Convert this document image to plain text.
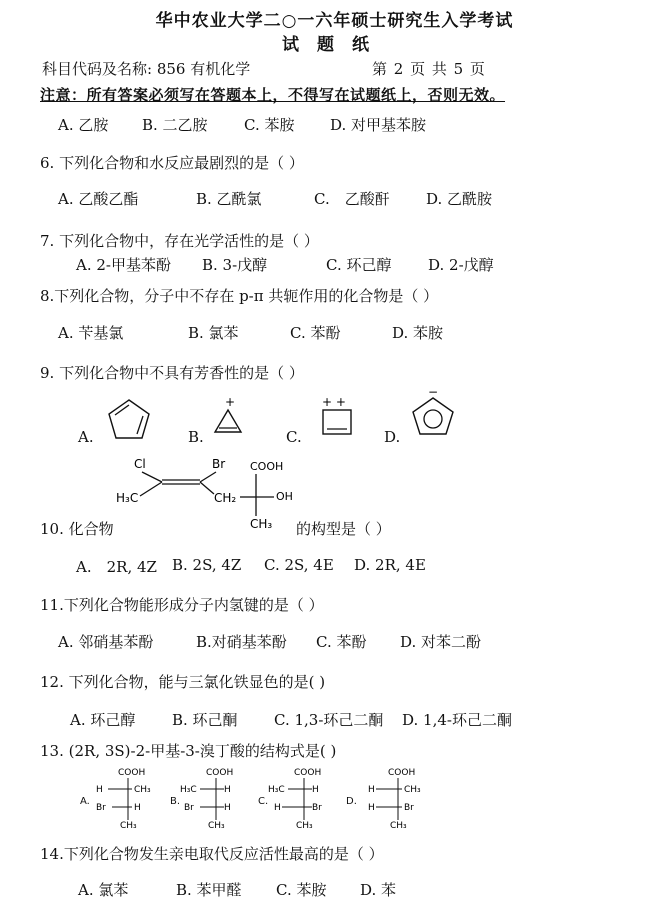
华中农业大学二○一六年硕士研究生入学考试
试题纸
科目代码及名称: 856 有机化学	第 2 页 共 5 页
注意：所有答案必须写在答题本上，不得写在试题纸上，否则无效。
A. 乙胺 B. 二乙胺 C. 苯胺 D. 对甲基苯胺
6. 下列化合物和水反应最剧烈的是（ ）
A. 乙酸乙酯	B. 乙酰氯	C.　乙酸酐 D. 乙酰胺
7. 下列化合物中，存在光学活性的是（ ）
A. 2-甲基苯酚 B. 3-戊醇	C. 环己醇 D. 2-戊醇
8.下列化合物，分子中不存在 p-π 共轭作用的化合物是（ ）
A. 苄基氯	B. 氯苯	C. 苯酚	D. 苯胺
9. 下列化合物中不具有芳香性的是（ ）
A.	B.	C.	D.
+	+ +
−
10. 化合物	的构型是（ ）
Cl	Br
H₃C
COOH
CH₂	OH
CH₃
A.　2R, 4Z B. 2S, 4Z C. 2S, 4E D. 2R, 4E
11.下列化合物能形成分子内氢键的是（ ）
A. 邻硝基苯酚	B.对硝基苯酚 C. 苯酚 D. 对苯二酚
12. 下列化合物，能与三氯化铁显色的是( )
A. 环己醇 B. 环己酮 C. 1,3-环己二酮 D. 1,4-环己二酮
13. (2R, 3S)-2-甲基-3-溴丁酸的结构式是( )
A.	B.	C.	D.
COOH
H	CH₃
Br	H
CH₃
COOH
H₃C	H
Br	H
CH₃
COOH
H₃C	H
H	Br
CH₃
COOH
H	CH₃
H	Br
CH₃
14.下列化合物发生亲电取代反应活性最高的是（ ）
A. 氯苯	B. 苯甲醛 C. 苯胺 D. 苯
